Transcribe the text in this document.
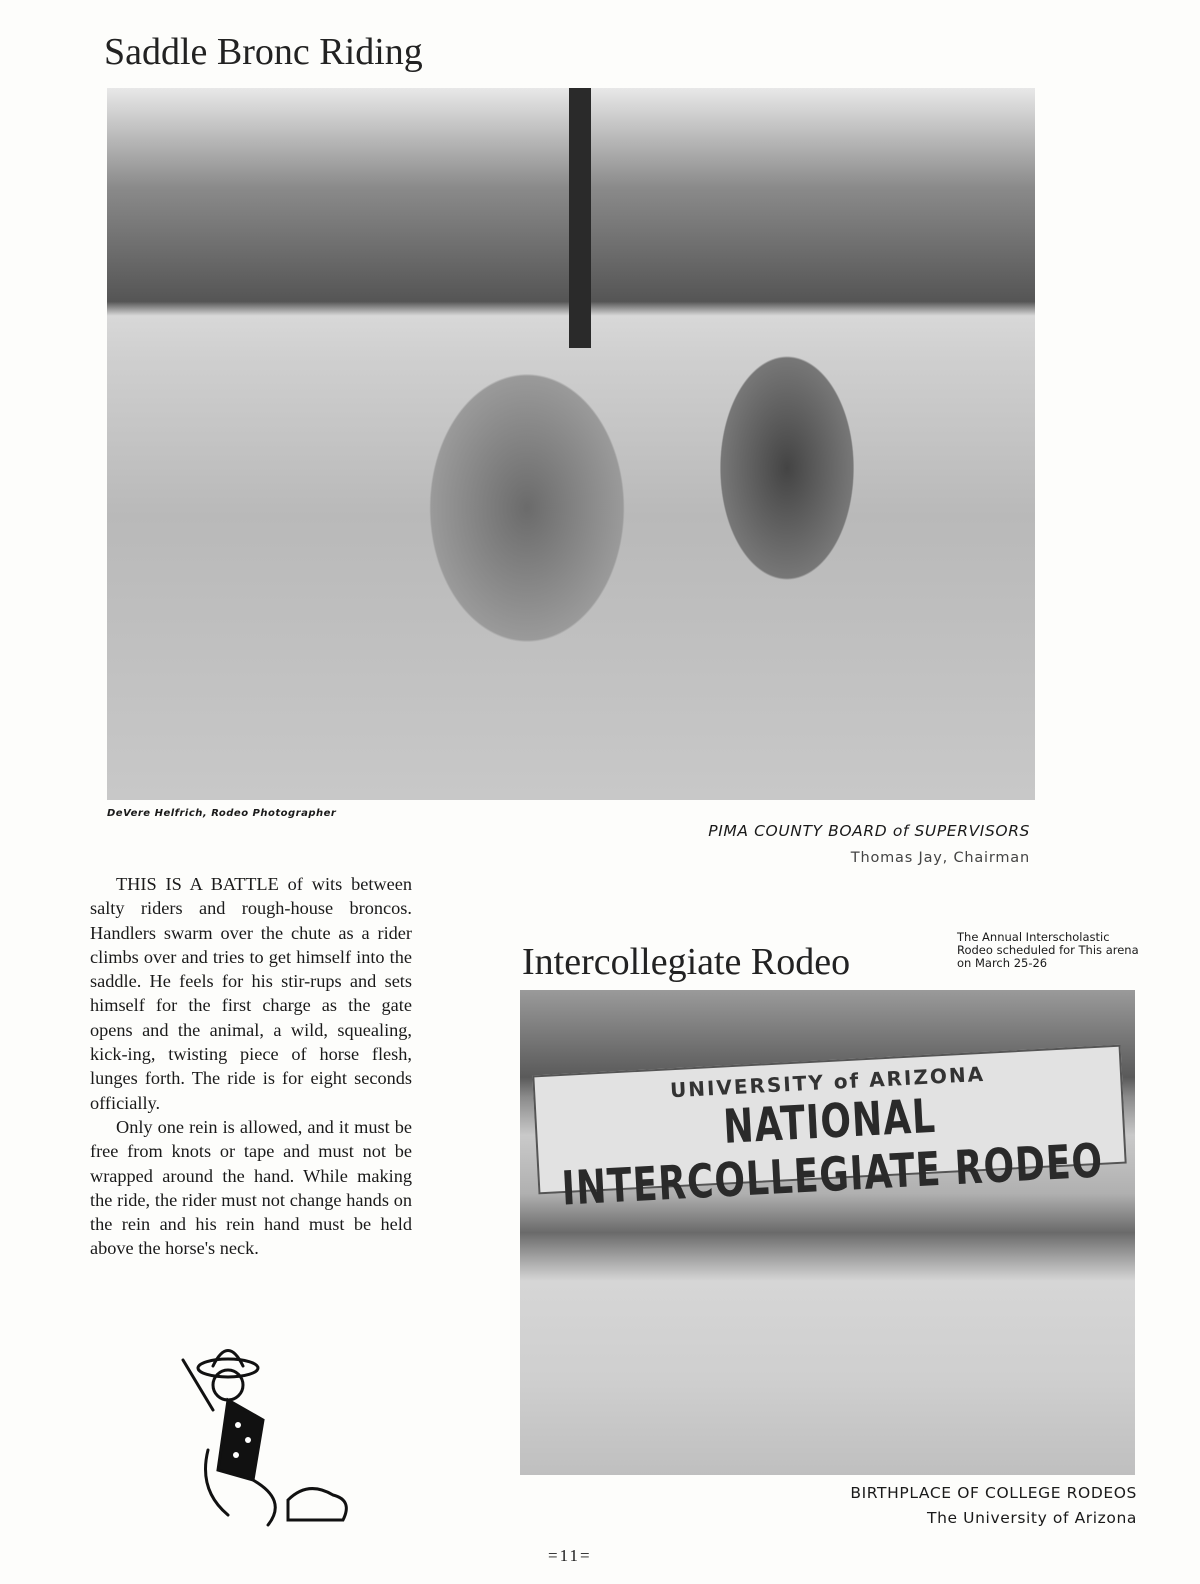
Saddle Bronc Riding
DeVere Helfrich, Rodeo Photographer
PIMA COUNTY BOARD of SUPERVISORS
Thomas Jay, Chairman

THIS IS A BATTLE of wits between salty riders and rough-house broncos. Handlers swarm over the chute as a rider climbs over and tries to get himself into the saddle. He feels for his stir-rups and sets himself for the first charge as the gate opens and the animal, a wild, squealing, kick-ing, twisting piece of horse flesh, lunges forth. The ride is for eight seconds officially.

Only one rein is allowed, and it must be free from knots or tape and must not be wrapped around the hand. While making the ride, the rider must not change hands on the rein and his rein hand must be held above the horse's neck.

Intercollegiate Rodeo
The Annual Interscholastic Rodeo scheduled for This arena on March 25-26
UNIVERSITY of ARIZONA
NATIONAL INTERCOLLEGIATE RODEO
BIRTHPLACE OF COLLEGE RODEOS
The University of Arizona
=11=
